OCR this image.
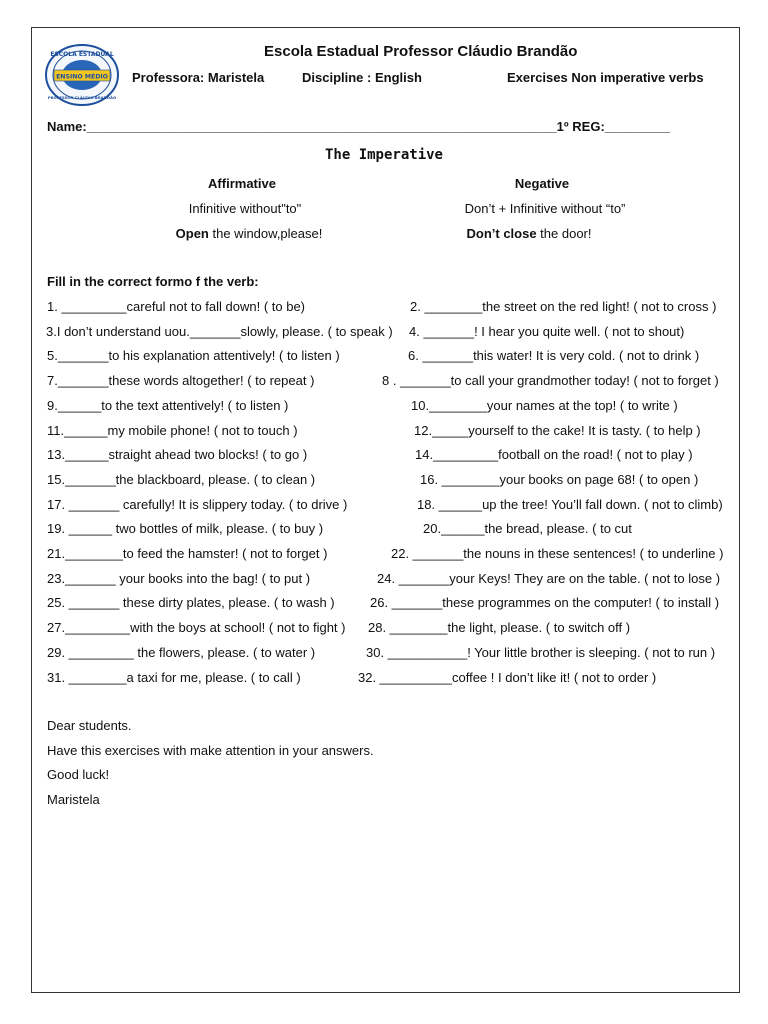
ENSINO MÉDIO
ESCOLA ESTADUAL
PROFESSOR CLÁUDIO BRANDÃO
Escola Estadual Professor Cláudio Brandão
Professora: Maristela	Discipline : English	Exercises Non imperative verbs
Name:_________________________________________________________________1º REG:_________
The Imperative
Affirmative	Negative
Infinitive without"to"	Don’t + Infinitive without “to”
Open the window,please!	Don’t close the door!
Fill in the correct formo f the verb:
1. _________careful not to fall down! ( to be)	2. ________the street on the red light! ( not to cross )
3.I don’t understand uou._______slowly, please. ( to speak ) 4. _______! I hear you quite well. ( not to shout)
5._______to his explanation attentively! ( to listen )	6. _______this water! It is very cold. ( not to drink )
7._______these words altogether! ( to repeat )	8 . _______to call your grandmother today! ( not to forget )
9.______to the text attentively! ( to listen )	10.________your names at the top! ( to write )
11.______my mobile phone! ( not to touch )	12._____yourself to the cake! It is tasty. ( to help )
13.______straight ahead two blocks! ( to go )	14._________football on the road! ( not to play )
15._______the blackboard, please. ( to clean )	16. ________your books on page 68! ( to open )
17. _______ carefully! It is slippery today. ( to drive )	18. ______up the tree! You’ll fall down. ( not to climb)
19. ______ two bottles of milk, please. ( to buy )	20.______the bread, please. ( to cut
21.________to feed the hamster! ( not to forget )	22. _______the nouns in these sentences! ( to underline )
23._______ your books into the bag! ( to put )	24. _______your Keys! They are on the table. ( not to lose )
25. _______ these dirty plates, please. ( to wash )	26. _______these programmes on the computer! ( to install )
27._________with the boys at school! ( not to fight ) 28. ________the light, please. ( to switch off )
29. _________ the flowers, please. ( to water )	30. ___________! Your little brother is sleeping. ( not to run )
31. ________a taxi for me, please. ( to call )	32. __________coffee ! I don’t like it! ( not to order )
Dear students.
Have this exercises with make attention in your answers.
Good luck!
Maristela
